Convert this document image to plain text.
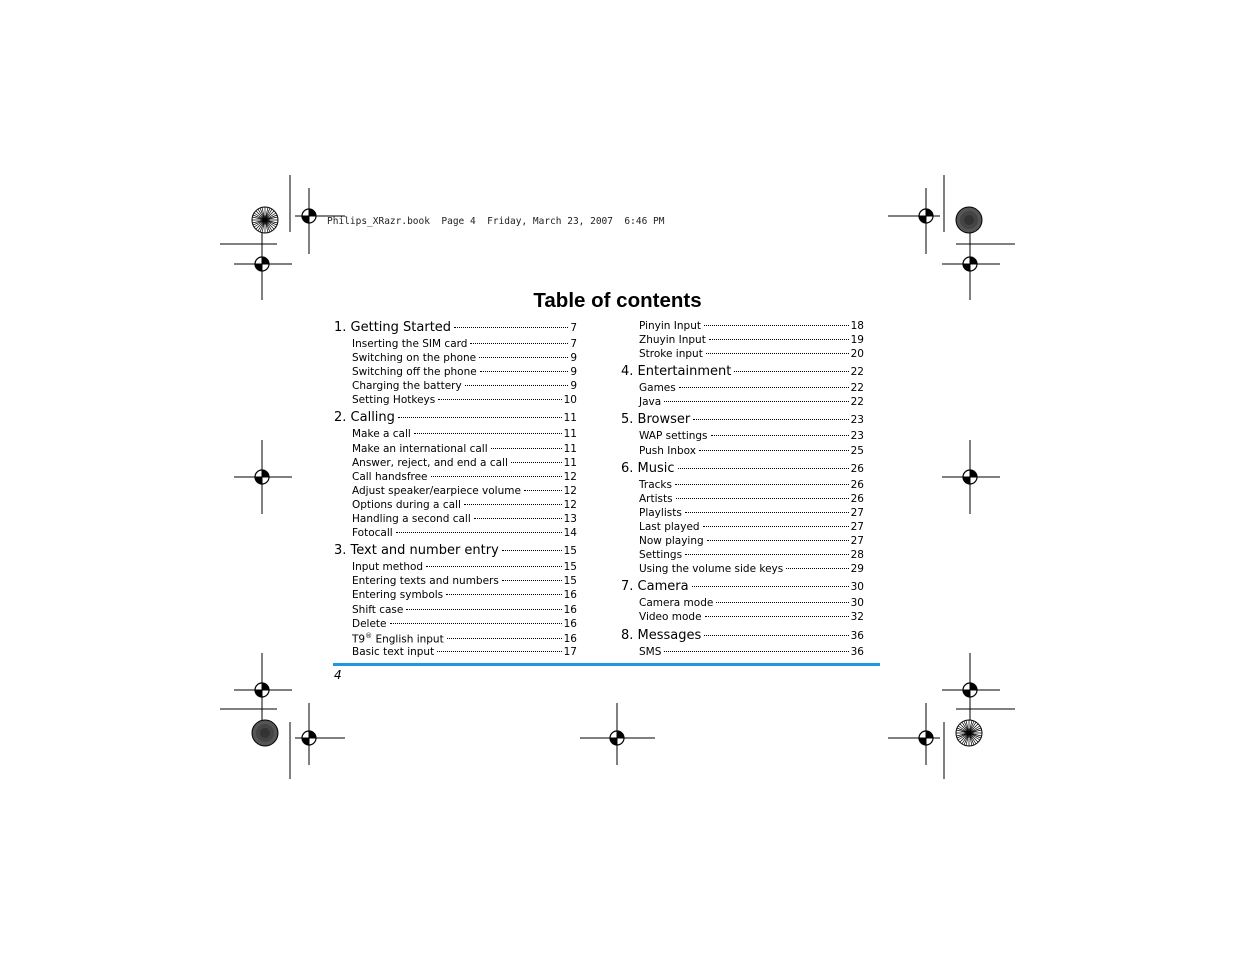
Philips_XRazr.book  Page 4  Friday, March 23, 2007  6:46 PM
Table of contents
1. Getting Started	7
Inserting the SIM card	7
Switching on the phone	9
Switching off the phone	9
Charging the battery	9
Setting Hotkeys	10
2. Calling	11
Make a call	11
Make an international call	11
Answer, reject, and end a call	11
Call handsfree	12
Adjust speaker/earpiece volume	12
Options during a call	12
Handling a second call	13
Fotocall	14
3. Text and number entry	15
Input method	15
Entering texts and numbers	15
Entering symbols	16
Shift case	16
Delete	16
T9® English input	16
Basic text input	17
Pinyin Input	18
Zhuyin Input	19
Stroke input	20
4. Entertainment	22
Games	22
Java	22
5. Browser	23
WAP settings	23
Push Inbox	25
6. Music	26
Tracks	26
Artists	26
Playlists	27
Last played	27
Now playing	27
Settings	28
Using the volume side keys	29
7. Camera	30
Camera mode	30
Video mode	32
8. Messages	36
SMS	36
4
